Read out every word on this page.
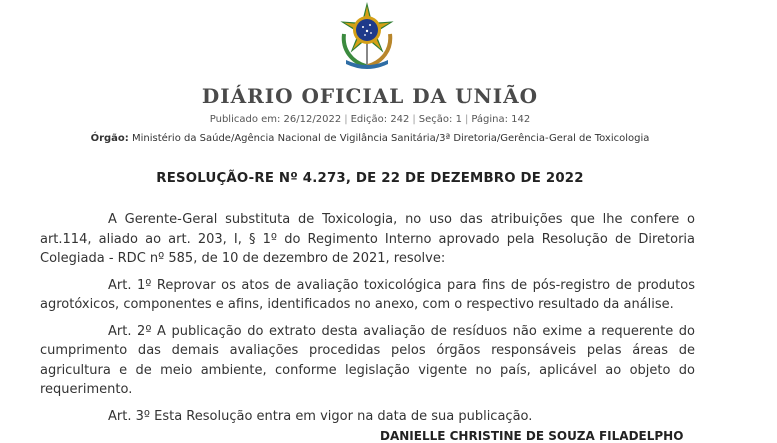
DIÁRIO OFICIAL DA UNIÃO
Publicado em: 26/12/2022 | Edição: 242 | Seção: 1 | Página: 142
Órgão: Ministério da Saúde/Agência Nacional de Vigilância Sanitária/3ª Diretoria/Gerência-Geral de Toxicologia
RESOLUÇÃO-RE Nº 4.273, DE 22 DE DEZEMBRO DE 2022

A Gerente-Geral substituta de Toxicologia, no uso das atribuições que lhe confere o art.114, aliado ao art. 203, I, § 1º do Regimento Interno aprovado pela Resolução de Diretoria Colegiada - RDC nº 585, de 10 de dezembro de 2021, resolve:

Art. 1º Reprovar os atos de avaliação toxicológica para fins de pós-registro de produtos agrotóxicos, componentes e afins, identificados no anexo, com o respectivo resultado da análise.

Art. 2º A publicação do extrato desta avaliação de resíduos não exime a requerente do cumprimento das demais avaliações procedidas pelos órgãos responsáveis pelas áreas de agricultura e de meio ambiente, conforme legislação vigente no país, aplicável ao objeto do requerimento.

Art. 3º Esta Resolução entra em vigor na data de sua publicação.

DANIELLE CHRISTINE DE SOUZA FILADELPHO
